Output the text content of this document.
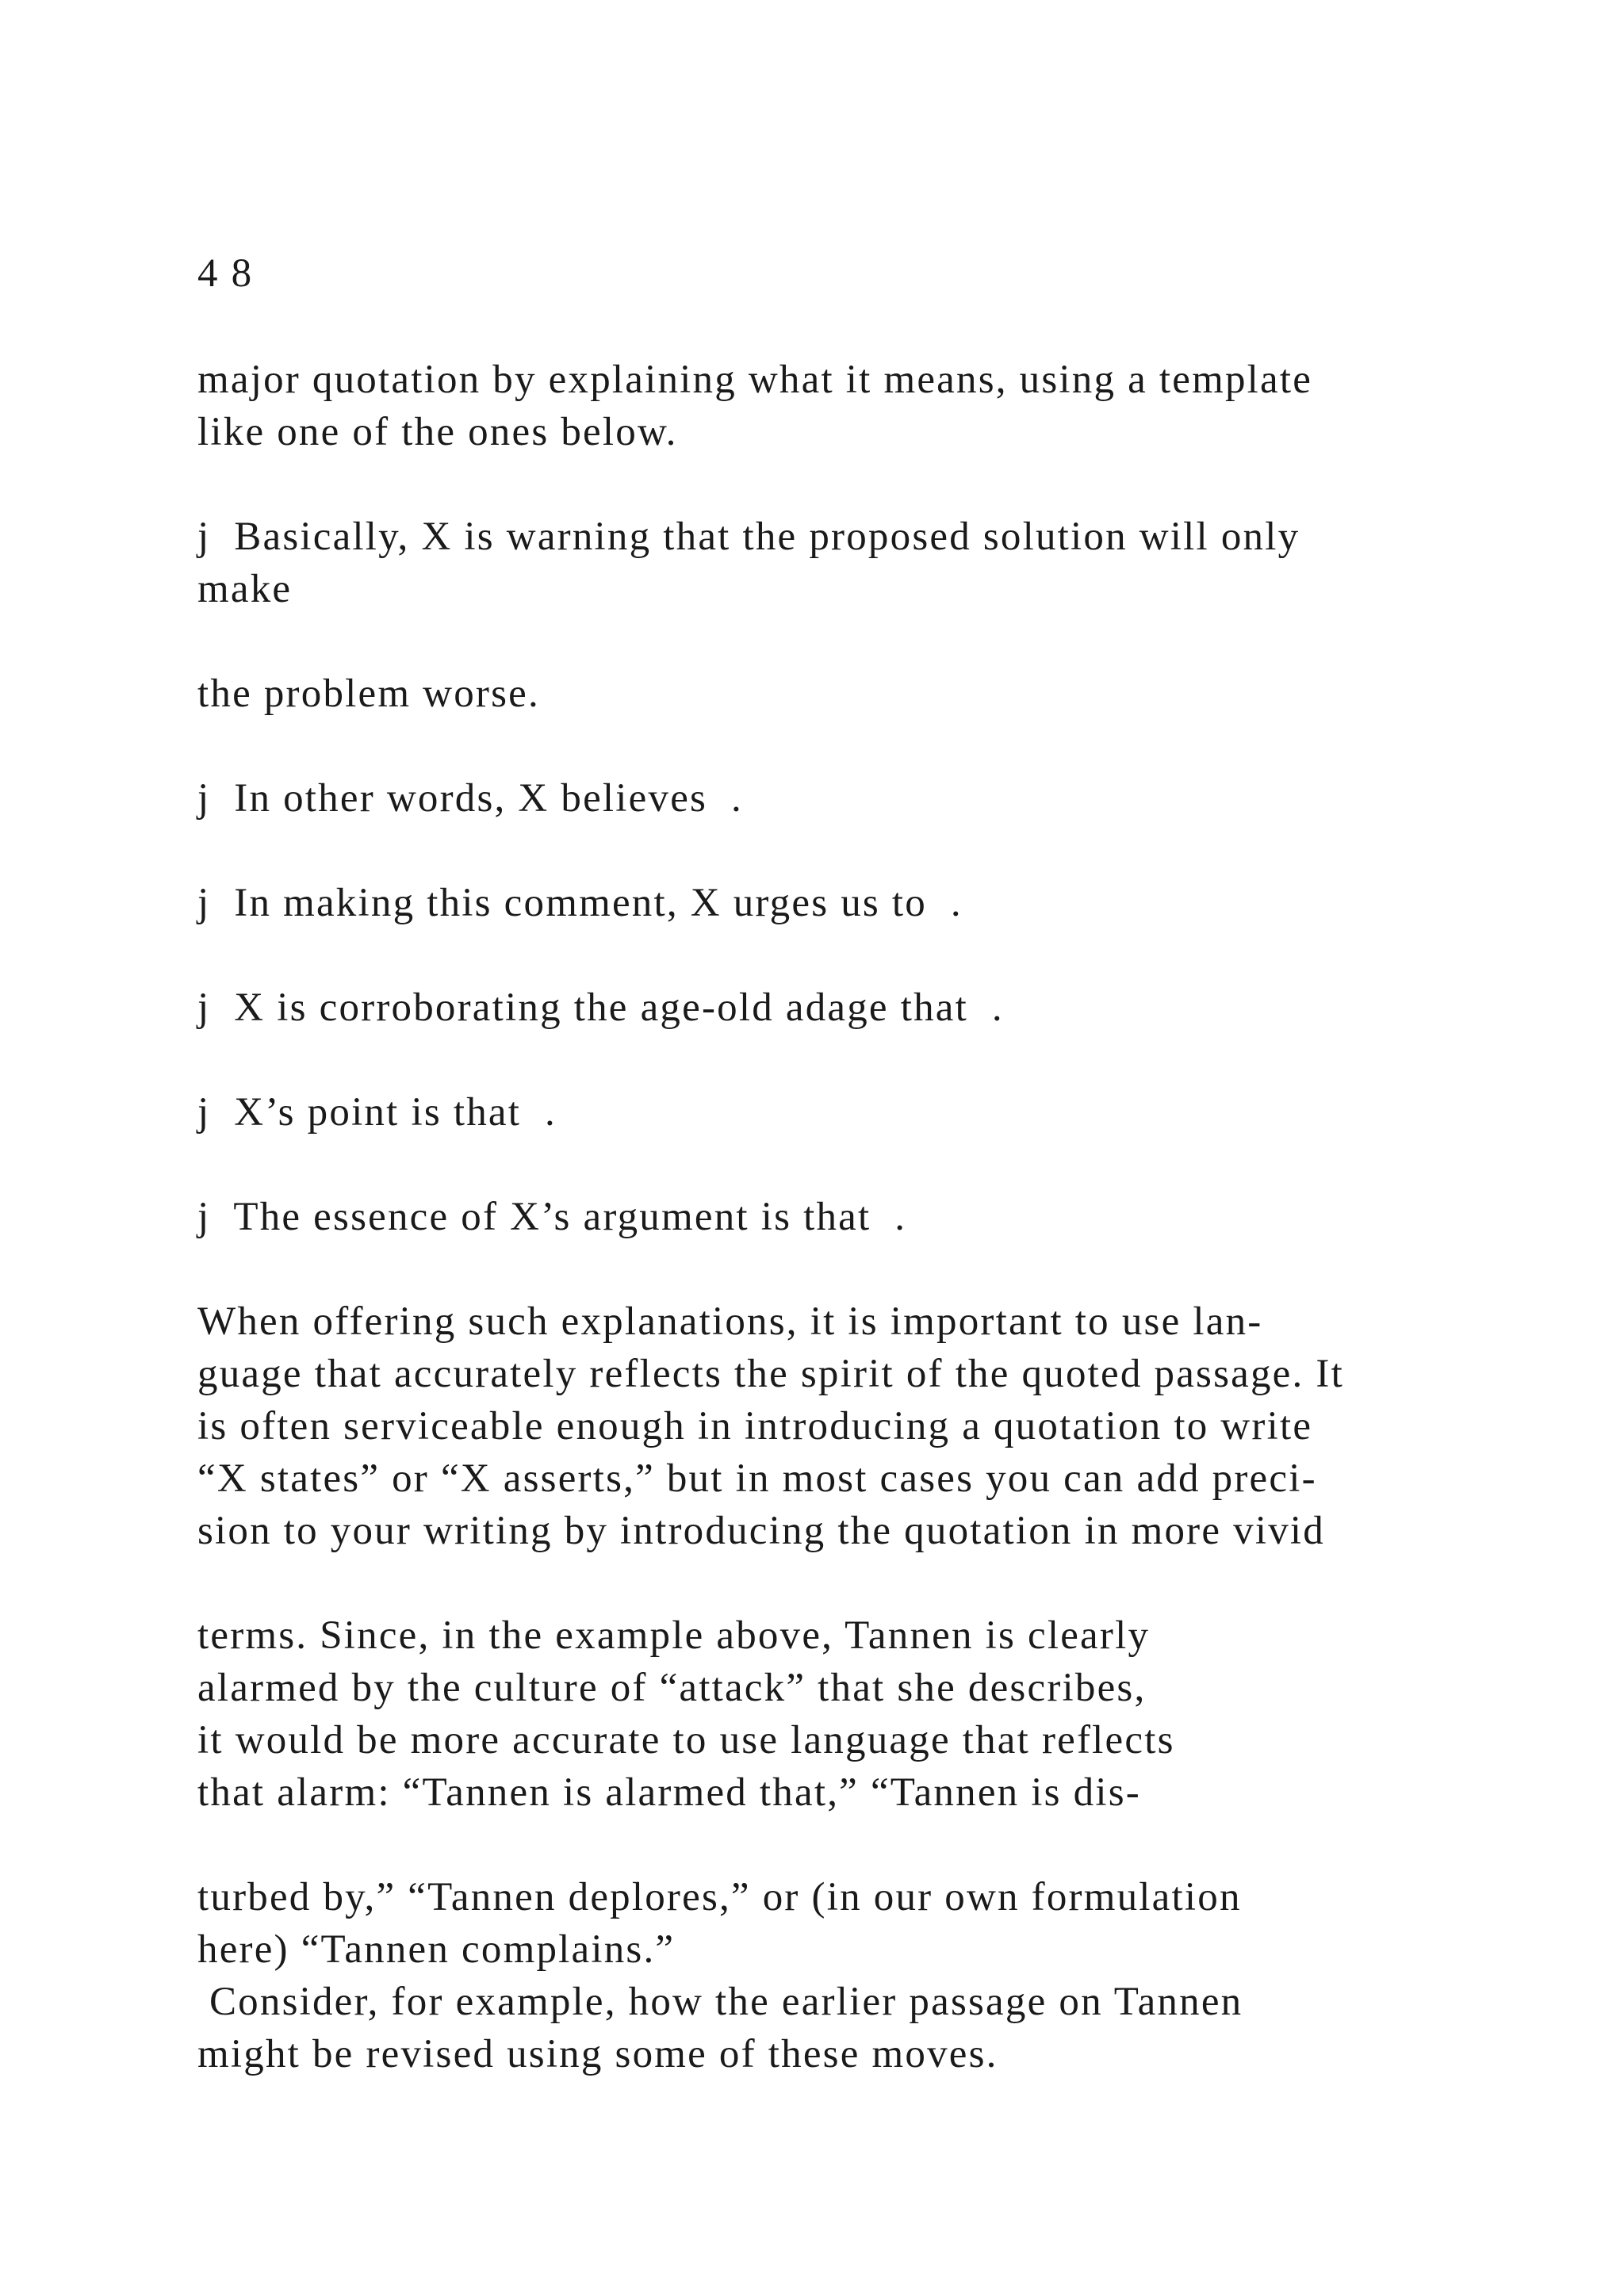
4 8

major quotation by explaining what it means, using a template

like one of the ones below.

j  Basically, X is warning that the proposed solution will only

make

the problem worse.

j  In other words, X believes  .

j  In making this comment, X urges us to  .

j  X is corroborating the age-old adage that  .

j  X’s point is that  .

j  The essence of X’s argument is that  .

When offering such explanations, it is important to use lan-

guage that accurately reflects the spirit of the quoted passage. It

is often serviceable enough in introducing a quotation to write

“X states” or “X asserts,” but in most cases you can add preci-

sion to your writing by introducing the quotation in more vivid

terms. Since, in the example above, Tannen is clearly

alarmed by the culture of “attack” that she describes,

it would be more accurate to use language that reflects

that alarm: “Tannen is alarmed that,” “Tannen is dis-

turbed by,” “Tannen deplores,” or (in our own formulation

here) “Tannen complains.”

Consider, for example, how the earlier passage on Tannen

might be revised using some of these moves.
